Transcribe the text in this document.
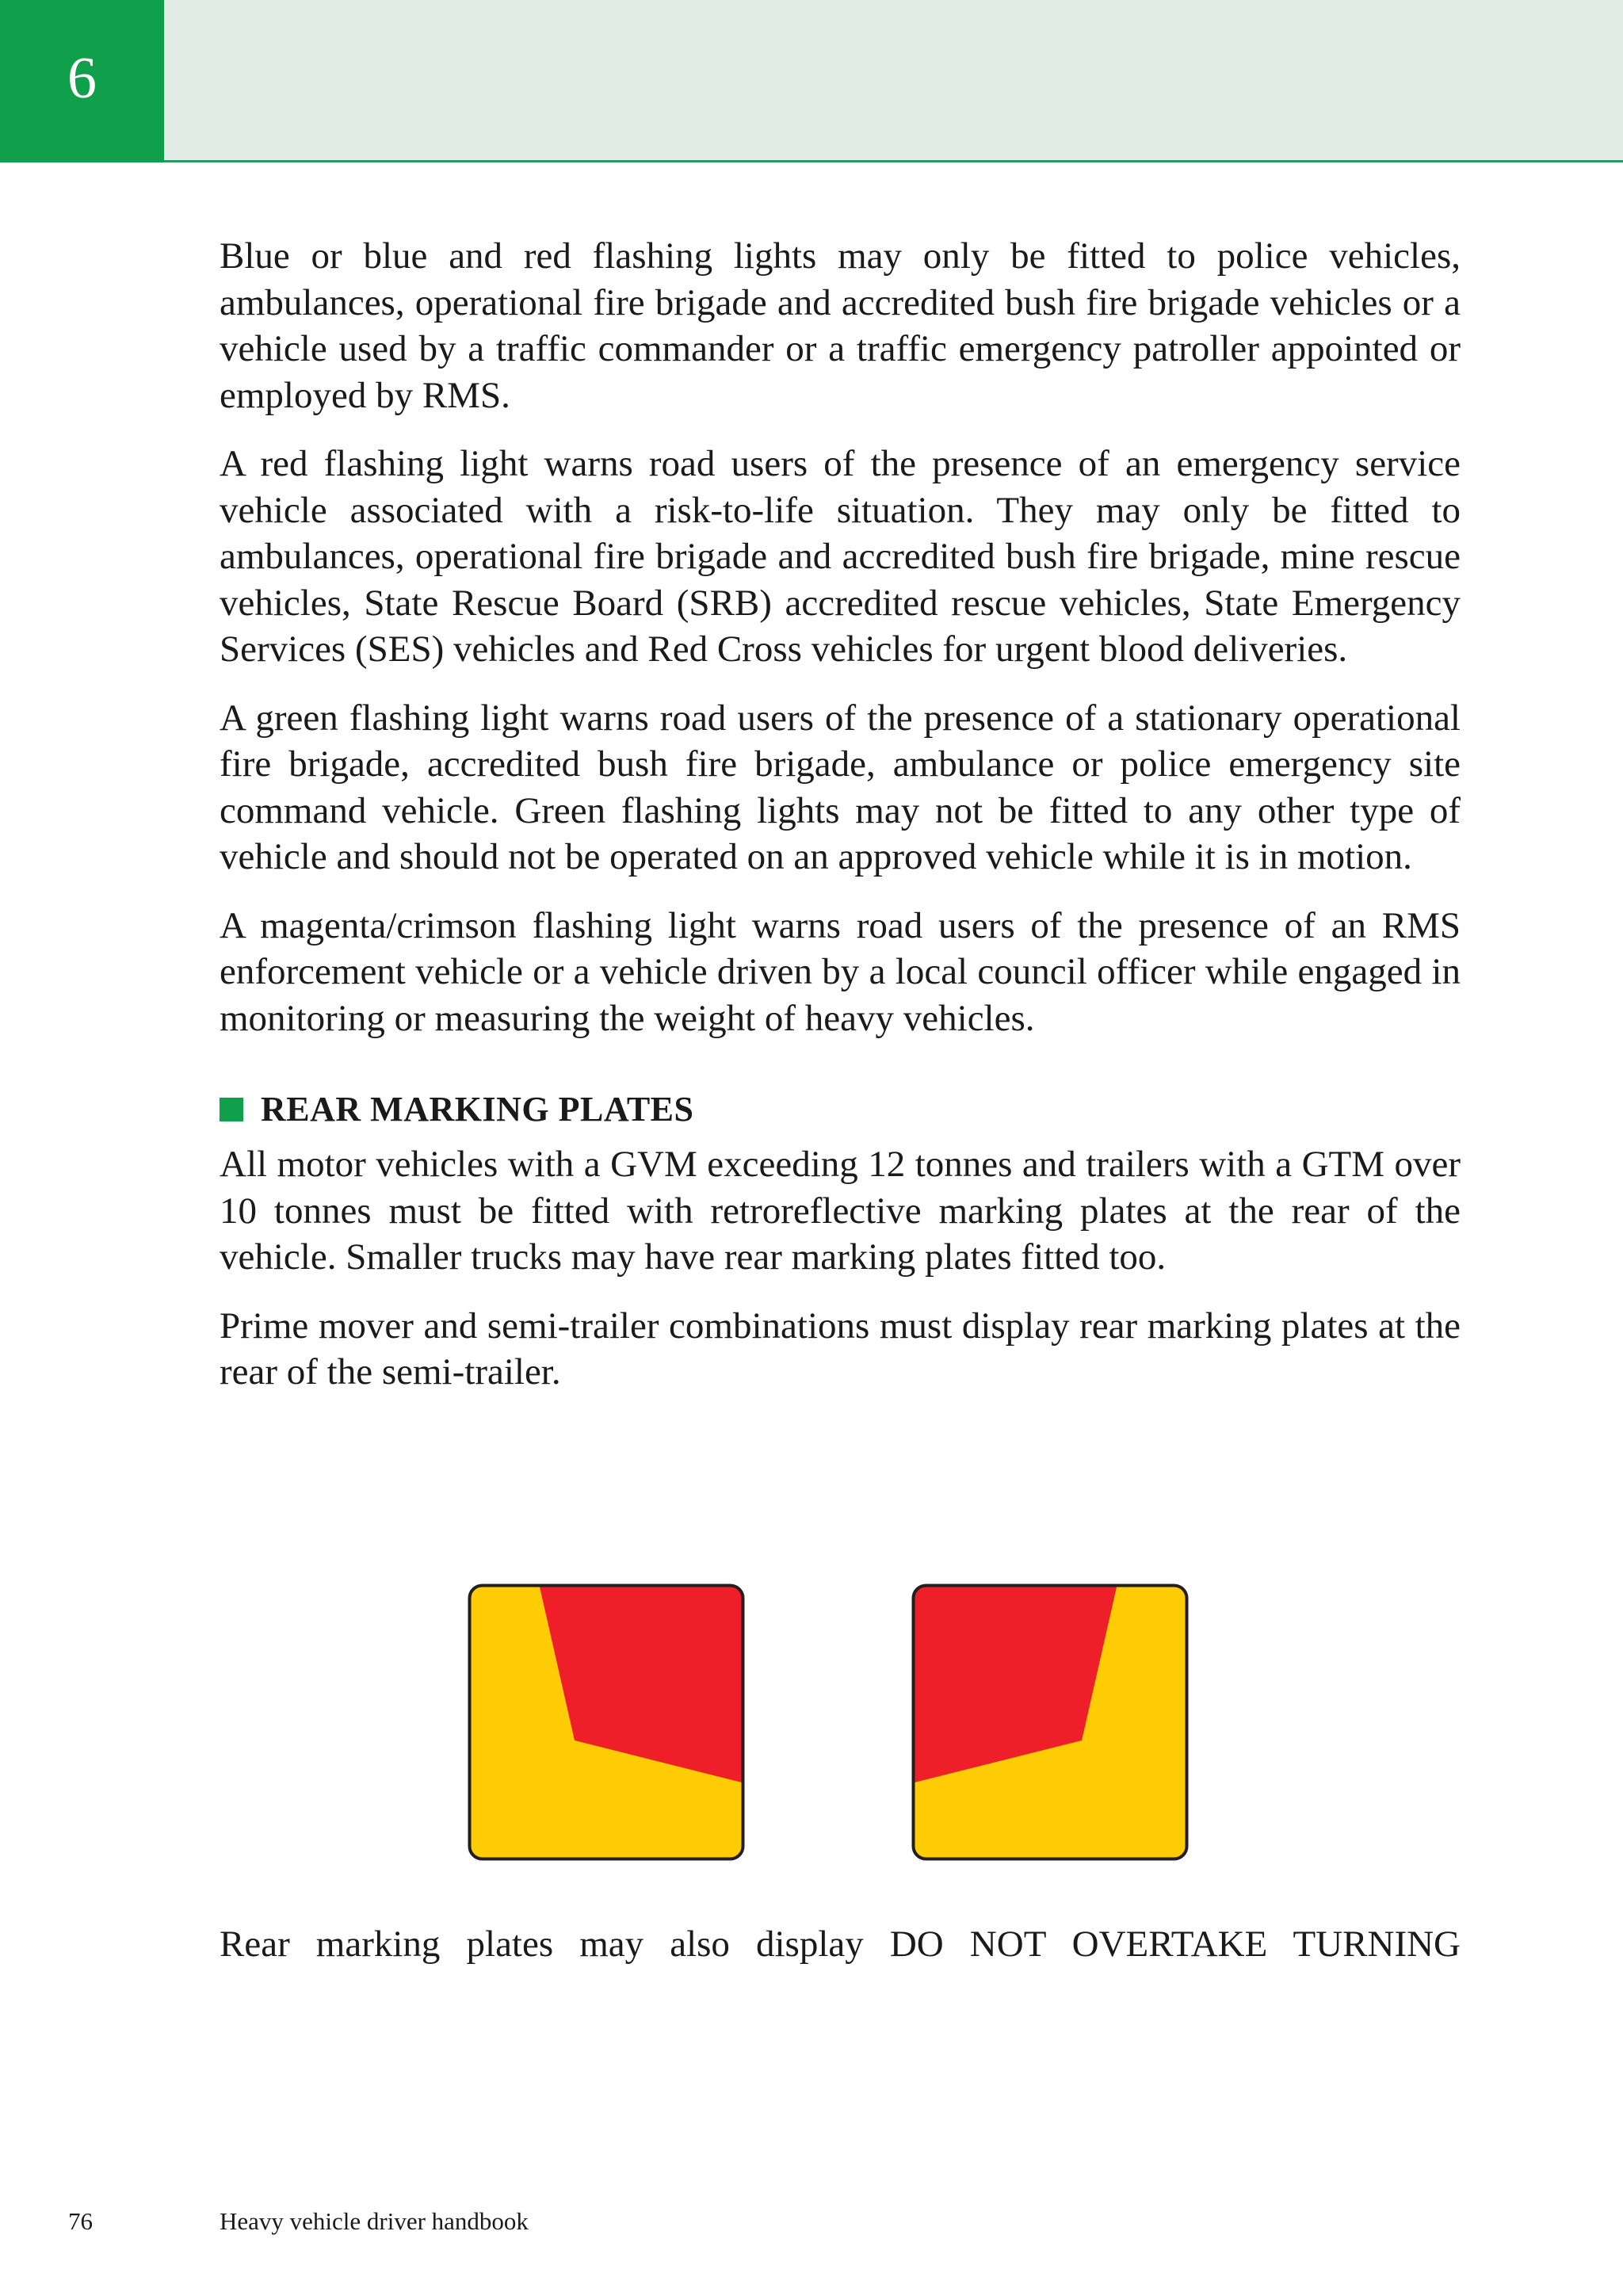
6

Blue or blue and red flashing lights may only be fitted to police vehicles, ambulances, operational fire brigade and accredited bush fire brigade vehicles or a vehicle used by a traffic commander or a traffic emergency patroller appointed or employed by RMS.

A red flashing light warns road users of the presence of an emergency service vehicle associated with a risk-to-life situation. They may only be fitted to ambulances, operational fire brigade and accredited bush fire brigade, mine rescue vehicles, State Rescue Board (SRB) accredited rescue vehicles, State Emergency Services (SES) vehicles and Red Cross vehicles for urgent blood deliveries.

A green flashing light warns road users of the presence of a stationary operational fire brigade, accredited bush fire brigade, ambulance or police emergency site command vehicle. Green flashing lights may not be fitted to any other type of vehicle and should not be operated on an approved vehicle while it is in motion.

A magenta/crimson flashing light warns road users of the presence of an RMS enforcement vehicle or a vehicle driven by a local council officer while engaged in monitoring or measuring the weight of heavy vehicles.

REAR MARKING PLATES

All motor vehicles with a GVM exceeding 12 tonnes and trailers with a GTM over 10 tonnes must be fitted with retroreflective marking plates at the rear of the vehicle. Smaller trucks may have rear marking plates fitted too.

Prime mover and semi-trailer combinations must display rear marking plates at the rear of the semi-trailer.

Rear marking plates may also display DO NOT OVERTAKE TURNING

76	Heavy vehicle driver handbook
